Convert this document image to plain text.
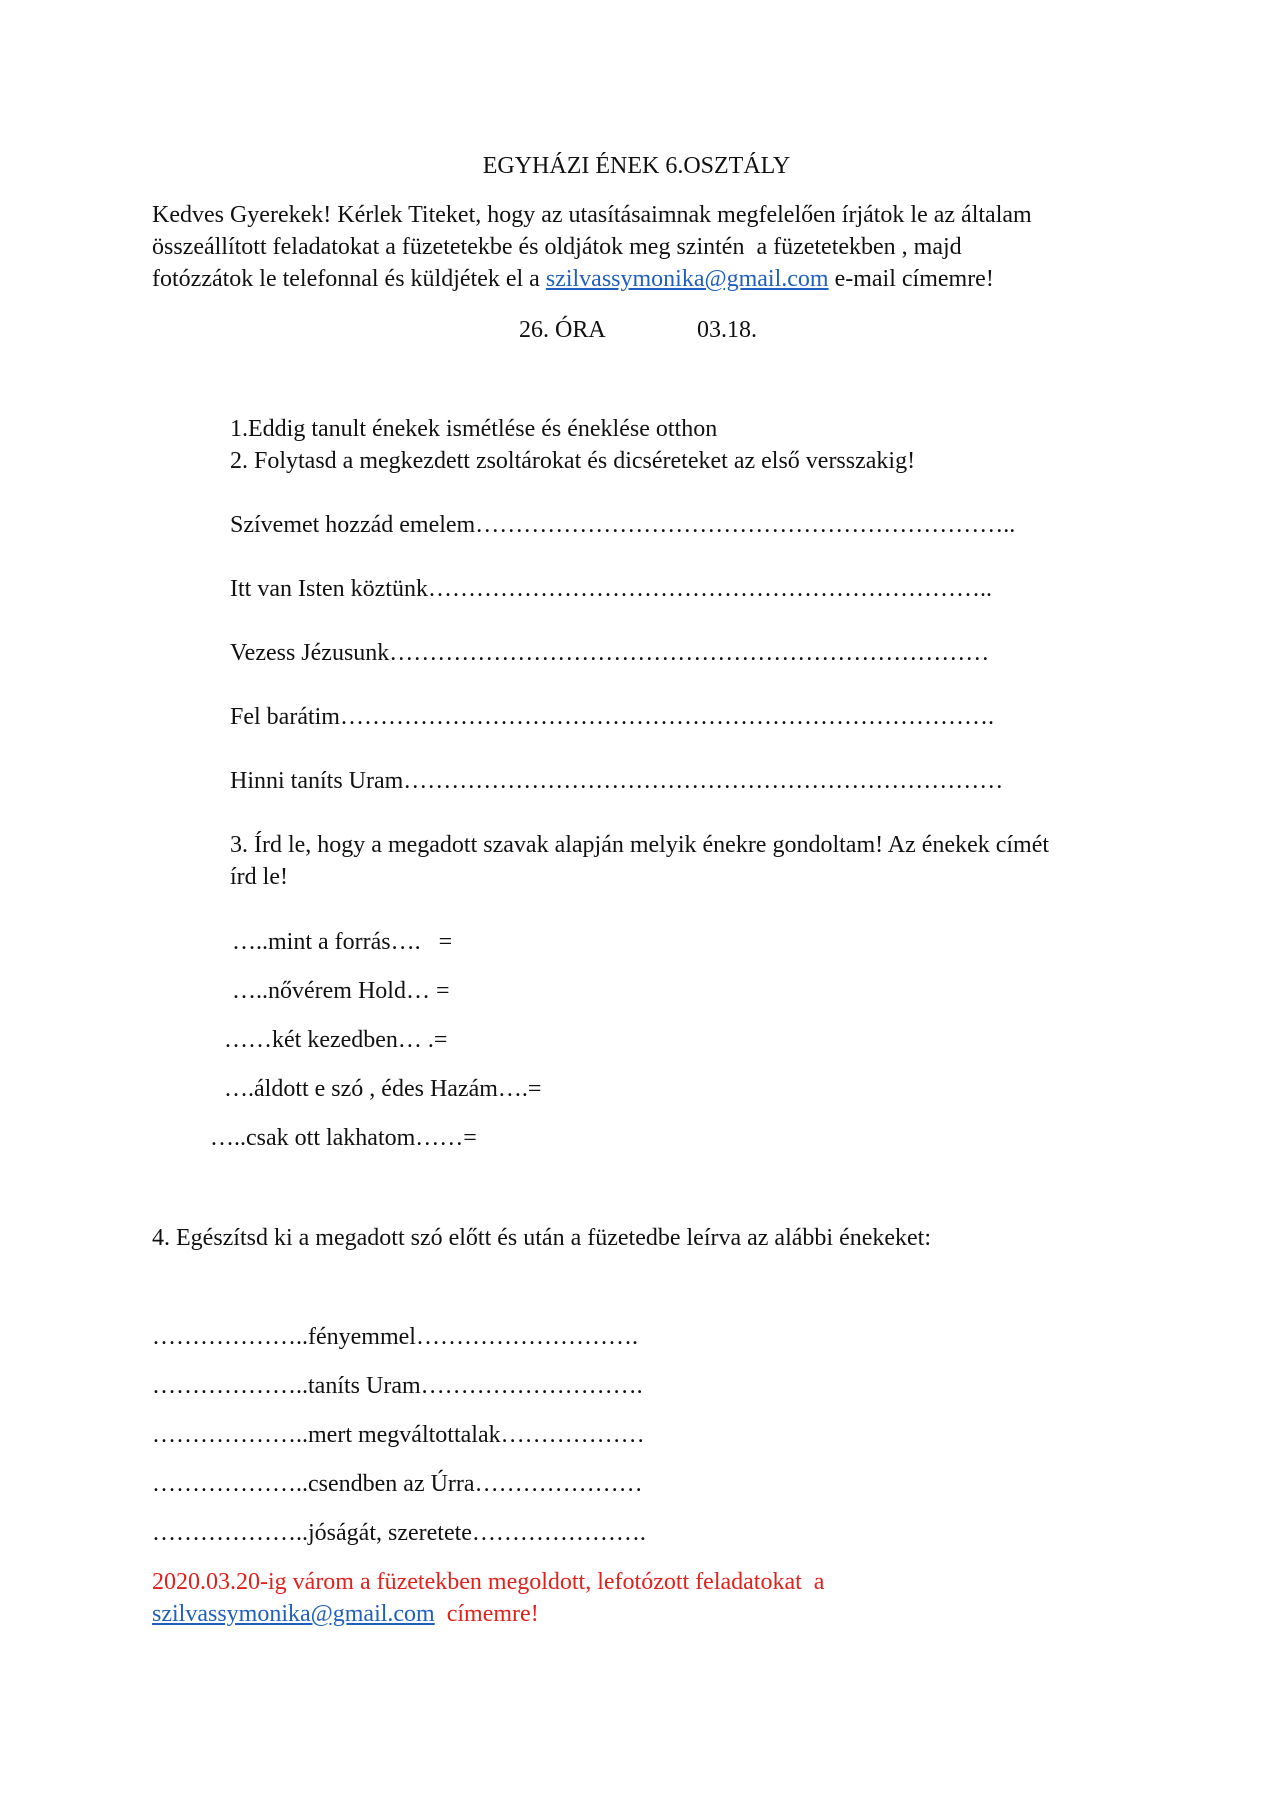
EGYHÁZI ÉNEK 6.OSZTÁLY
Kedves Gyerekek! Kérlek Titeket, hogy az utasításaimnak megfelelően írjátok le az általam
összeállított feladatokat a füzetetekbe és oldjátok meg szintén  a füzetetekben , majd
fotózzátok le telefonnal és küldjétek el a szilvassymonika@gmail.com e-mail címemre!
26. ÓRA	03.18.
1.Eddig tanult énekek ismétlése és éneklése otthon
2. Folytasd a megkezdett zsoltárokat és dicséreteket az első versszakig!
Szívemet hozzád emelem…………………………………………………………..
Itt van Isten köztünk……………………………………………………………..
Vezess Jézusunk…………………………………………………………………
Fel barátim……………………………………………………………………….
Hinni taníts Uram…………………………………………………………………
3. Írd le, hogy a megadott szavak alapján melyik énekre gondoltam! Az énekek címét
írd le!
…..mint a forrás….   =
…..nővérem Hold… =
……két kezedben… .=
….áldott e szó , édes Hazám….=
…..csak ott lakhatom……=
4. Egészítsd ki a megadott szó előtt és után a füzetedbe leírva az alábbi énekeket:
………………..fényemmel……………………….
………………..taníts Uram……………………….
………………..mert megváltottalak………………
………………..csendben az Úrra…………………
………………..jóságát, szeretete………………….
2020.03.20-ig várom a füzetekben megoldott, lefotózott feladatokat  a
szilvassymonika@gmail.com  címemre!
